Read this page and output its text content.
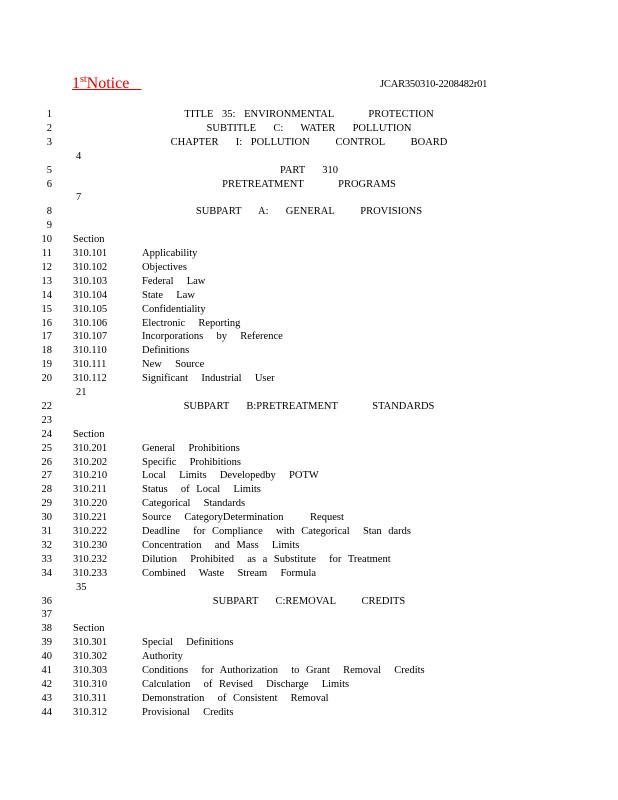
1stNotice	JCAR350310-2208482r01
1	TITLE 35: ENVIRONMENTAL    PROTECTION
2	SUBTITLE  C:  WATER  POLLUTION
3	CHAPTER  I: POLLUTION   CONTROL   BOARD
4
5	PART  310
6	PRETREATMENT    PROGRAMS
7
8	SUBPART  A:  GENERAL   PROVISIONS
9
10 Section
11 310.101	Applicability
12 310.102	Objectives
13 310.103	Federal  Law
14 310.104	State  Law
15 310.105	Confidentiality
16 310.106	Electronic  Reporting
17 310.107	Incorporations  by  Reference
18 310.110	Definitions
19 310.111	New  Source
20 310.112	Significant  Industrial  User
21
22	SUBPART  B:PRETREATMENT    STANDARDS
23
24 Section
25 310.201	General  Prohibitions
26 310.202	Specific  Prohibitions
27 310.210	Local  Limits  Developedby  POTW
28 310.211	Status  of Local  Limits
29 310.220	Categorical  Standards
30 310.221	Source  CategoryDetermination    Request
31 310.222	Deadline  for Compliance  with Categorical  Stan dards
32 310.230	Concentration  and Mass  Limits
33 310.232	Dilution  Prohibited  as a Substitute  for Treatment
34 310.233	Combined  Waste  Stream  Formula
35
36	SUBPART  C:REMOVAL   CREDITS
37
38 Section
39 310.301	Special  Definitions
40 310.302	Authority
41 310.303	Conditions  for Authorization  to Grant  Removal  Credits
42 310.310	Calculation  of Revised  Discharge  Limits
43 310.311	Demonstration  of Consistent  Removal
44 310.312	Provisional  Credits
